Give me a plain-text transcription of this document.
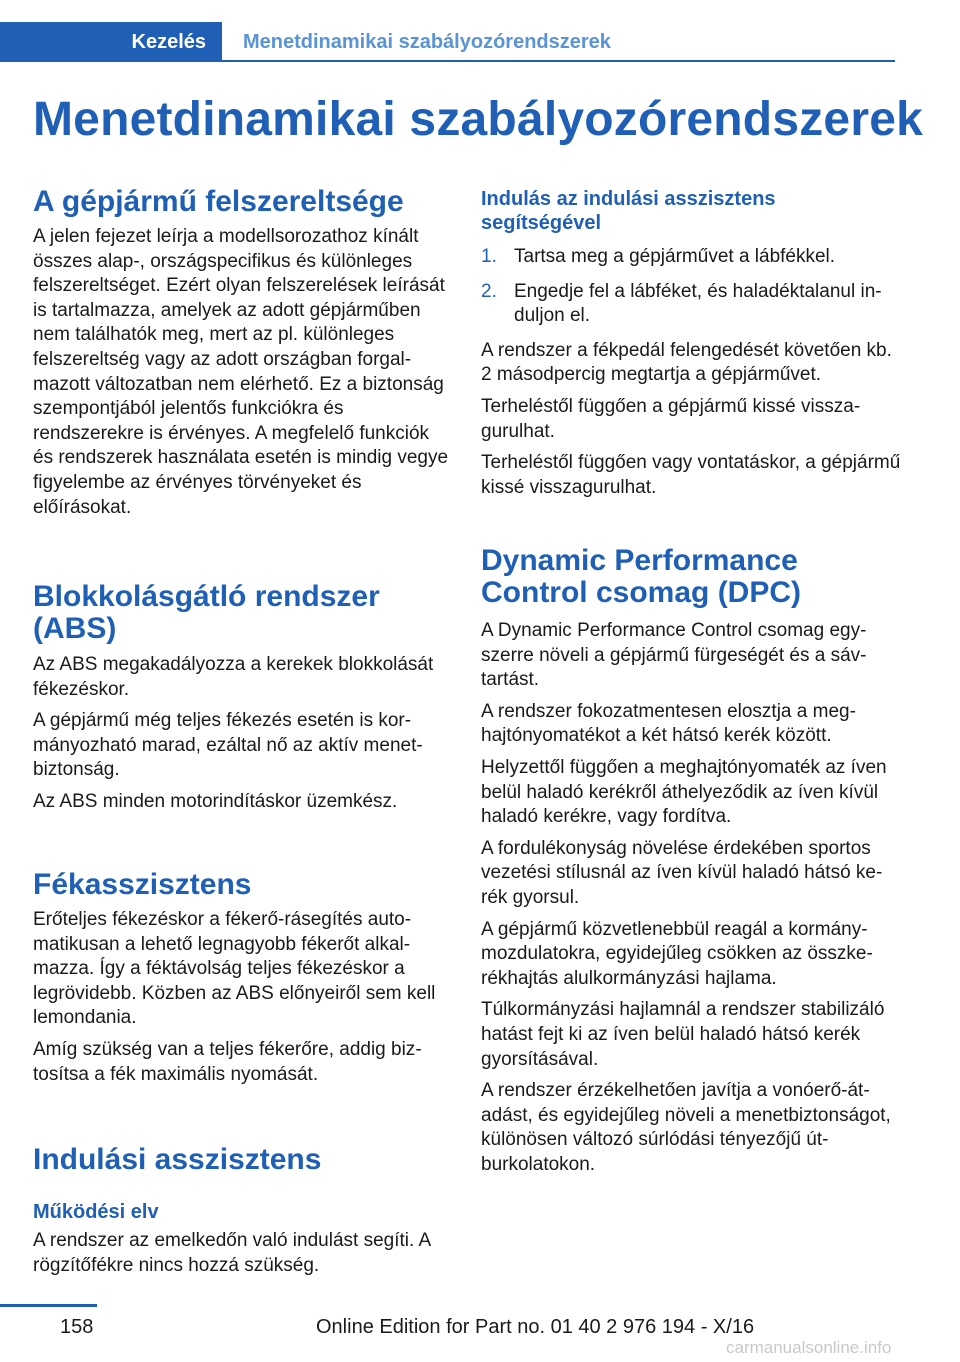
Kezelés	Menetdinamikai szabályozórendszerek
Menetdinamikai szabályozórendszerek
A gépjármű felszereltsége

A jelen fejezet leírja a modellsorozathoz kínált összes alap-, országspecifikus és különleges felszereltséget. Ezért olyan felszerelések leírását is tartalmazza, amelyek az adott gépjárműben nem találhatók meg, mert az pl. különleges felszereltség vagy az adott országban forgalmazott változatban nem elérhető. Ez a biztonság szempontjából jelentős funkciókra és rendszerekre is érvényes. A megfelelő funkciók és rendszerek használata esetén is mindig vegye figyelembe az érvényes törvényeket és előírásokat.

Blokkolásgátló rendszer (ABS)

Az ABS megakadályozza a kerekek blokkolását fékezéskor.

A gépjármű még teljes fékezés esetén is kormányozható marad, ezáltal nő az aktív menetbiztonság.

Az ABS minden motorindításkor üzemkész.

Fékasszisztens

Erőteljes fékezéskor a fékerő-rásegítés automatikusan a lehető legnagyobb fékerőt alkalmazza. Így a féktávolság teljes fékezéskor a legrövidebb. Közben az ABS előnyeiről sem kell lemondania.

Amíg szükség van a teljes fékerőre, addig biztosítsa a fék maximális nyomását.

Indulási asszisztens
Működési elv

A rendszer az emelkedőn való indulást segíti. A rögzítőfékre nincs hozzá szükség.

Indulás az indulási asszisztens segítségével
1. Tartsa meg a gépjárművet a lábfékkel.
2. Engedje fel a lábféket, és haladéktalanul induljon el.

A rendszer a fékpedál felengedését követően kb. 2 másodpercig megtartja a gépjárművet.

Terheléstől függően a gépjármű kissé visszagurulhat.

Terheléstől függően vagy vontatáskor, a gépjármű kissé visszagurulhat.

Dynamic Performance Control csomag (DPC)

A Dynamic Performance Control csomag egyszerre növeli a gépjármű fürgeségét és a sávtartást.

A rendszer fokozatmentesen elosztja a meghajtónyomatékot a két hátsó kerék között.

Helyzettől függően a meghajtónyomaték az íven belül haladó kerékről áthelyeződik az íven kívül haladó kerékre, vagy fordítva.

A fordulékonyság növelése érdekében sportos vezetési stílusnál az íven kívül haladó hátsó kerék gyorsul.

A gépjármű közvetlenebbül reagál a kormánymozdulatokra, egyidejűleg csökken az összkerékhajtás alulkormányzási hajlama.

Túlkormányzási hajlamnál a rendszer stabilizáló hatást fejt ki az íven belül haladó hátsó kerék gyorsításával.

A rendszer érzékelhetően javítja a vonóerő-átadást, és egyidejűleg növeli a menetbiztonságot, különösen változó súrlódási tényezőjű útburkolatokon.

158	Online Edition for Part no. 01 40 2 976 194 - X/16
carmanualsonline.info
